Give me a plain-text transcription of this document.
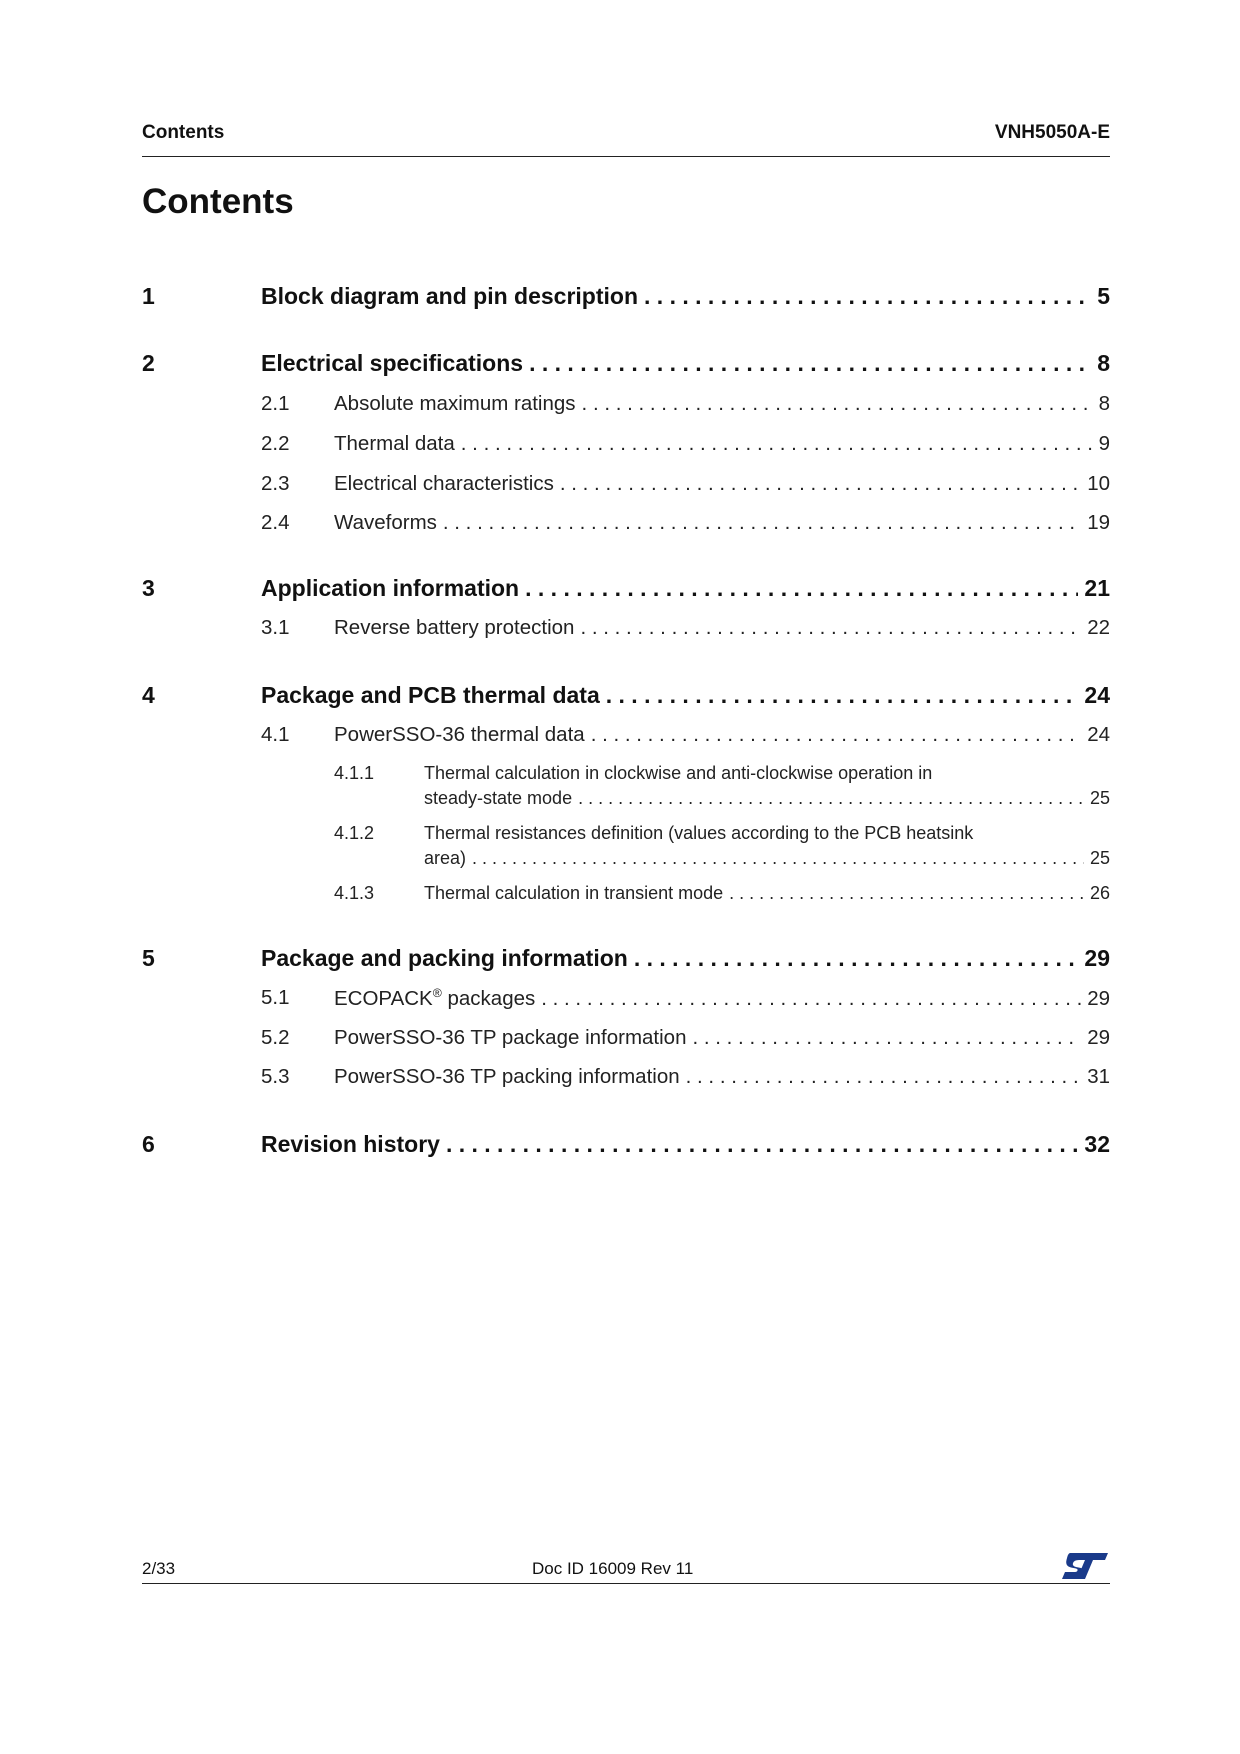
Contents	VNH5050A-E
Contents
1	Block diagram and pin description . . .	5
2	Electrical specifications . . .	8
2.1 Absolute maximum ratings . . .	8
2.2 Thermal data . . .	9
2.3 Electrical characteristics . . .	10
2.4 Waveforms . . .	19
3	Application information . . .	21
3.1 Reverse battery protection . . .	22
4	Package and PCB thermal data . . .	24
4.1 PowerSSO-36 thermal data . . .	24
4.1.1	Thermal calculation in clockwise and anti-clockwise operation in
steady-state mode . . .	25
4.1.2	Thermal resistances definition (values according to the PCB heatsink
area) . . .	25
4.1.3	Thermal calculation in transient mode . . .	26
5	Package and packing information . . .	29
5.1 ECOPACK® packages . . .	29
5.2 PowerSSO-36 TP package information . . .	29
5.3 PowerSSO-36 TP packing information . . .	31
6	Revision history . . .	32
2/33	Doc ID 16009 Rev 11
